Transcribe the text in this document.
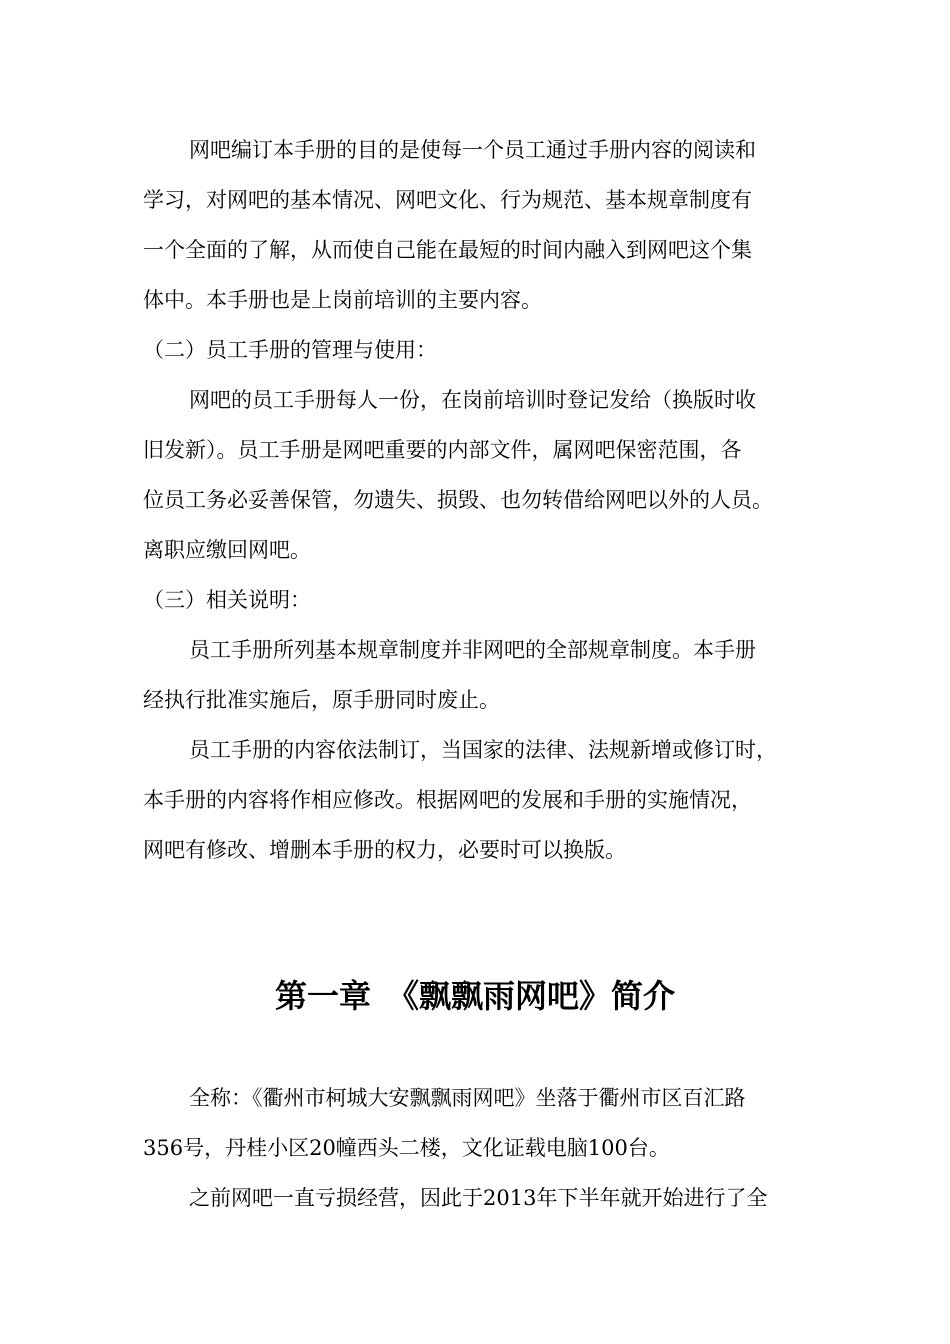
网吧编订本手册的目的是使每一个员工通过手册内容的阅读和
学习，对网吧的基本情况、网吧文化、行为规范、基本规章制度有
一个全面的了解，从而使自己能在最短的时间内融入到网吧这个集
体中。本手册也是上岗前培训的主要内容。
（二）员工手册的管理与使用：
网吧的员工手册每人一份，在岗前培训时登记发给（换版时收
旧发新）。员工手册是网吧重要的内部文件，属网吧保密范围，各
位员工务必妥善保管，勿遗失、损毁、也勿转借给网吧以外的人员。
离职应缴回网吧。
（三）相关说明：
员工手册所列基本规章制度并非网吧的全部规章制度。本手册
经执行批准实施后，原手册同时废止。
员工手册的内容依法制订，当国家的法律、法规新增或修订时，
本手册的内容将作相应修改。根据网吧的发展和手册的实施情况，
网吧有修改、增删本手册的权力，必要时可以换版。
第一章　《飘飘雨网吧》简介
全称：《衢州市柯城大安飘飘雨网吧》坐落于衢州市区百汇路
356号，丹桂小区20幢西头二楼，文化证载电脑100台。
之前网吧一直亏损经营，因此于2013年下半年就开始进行了全
